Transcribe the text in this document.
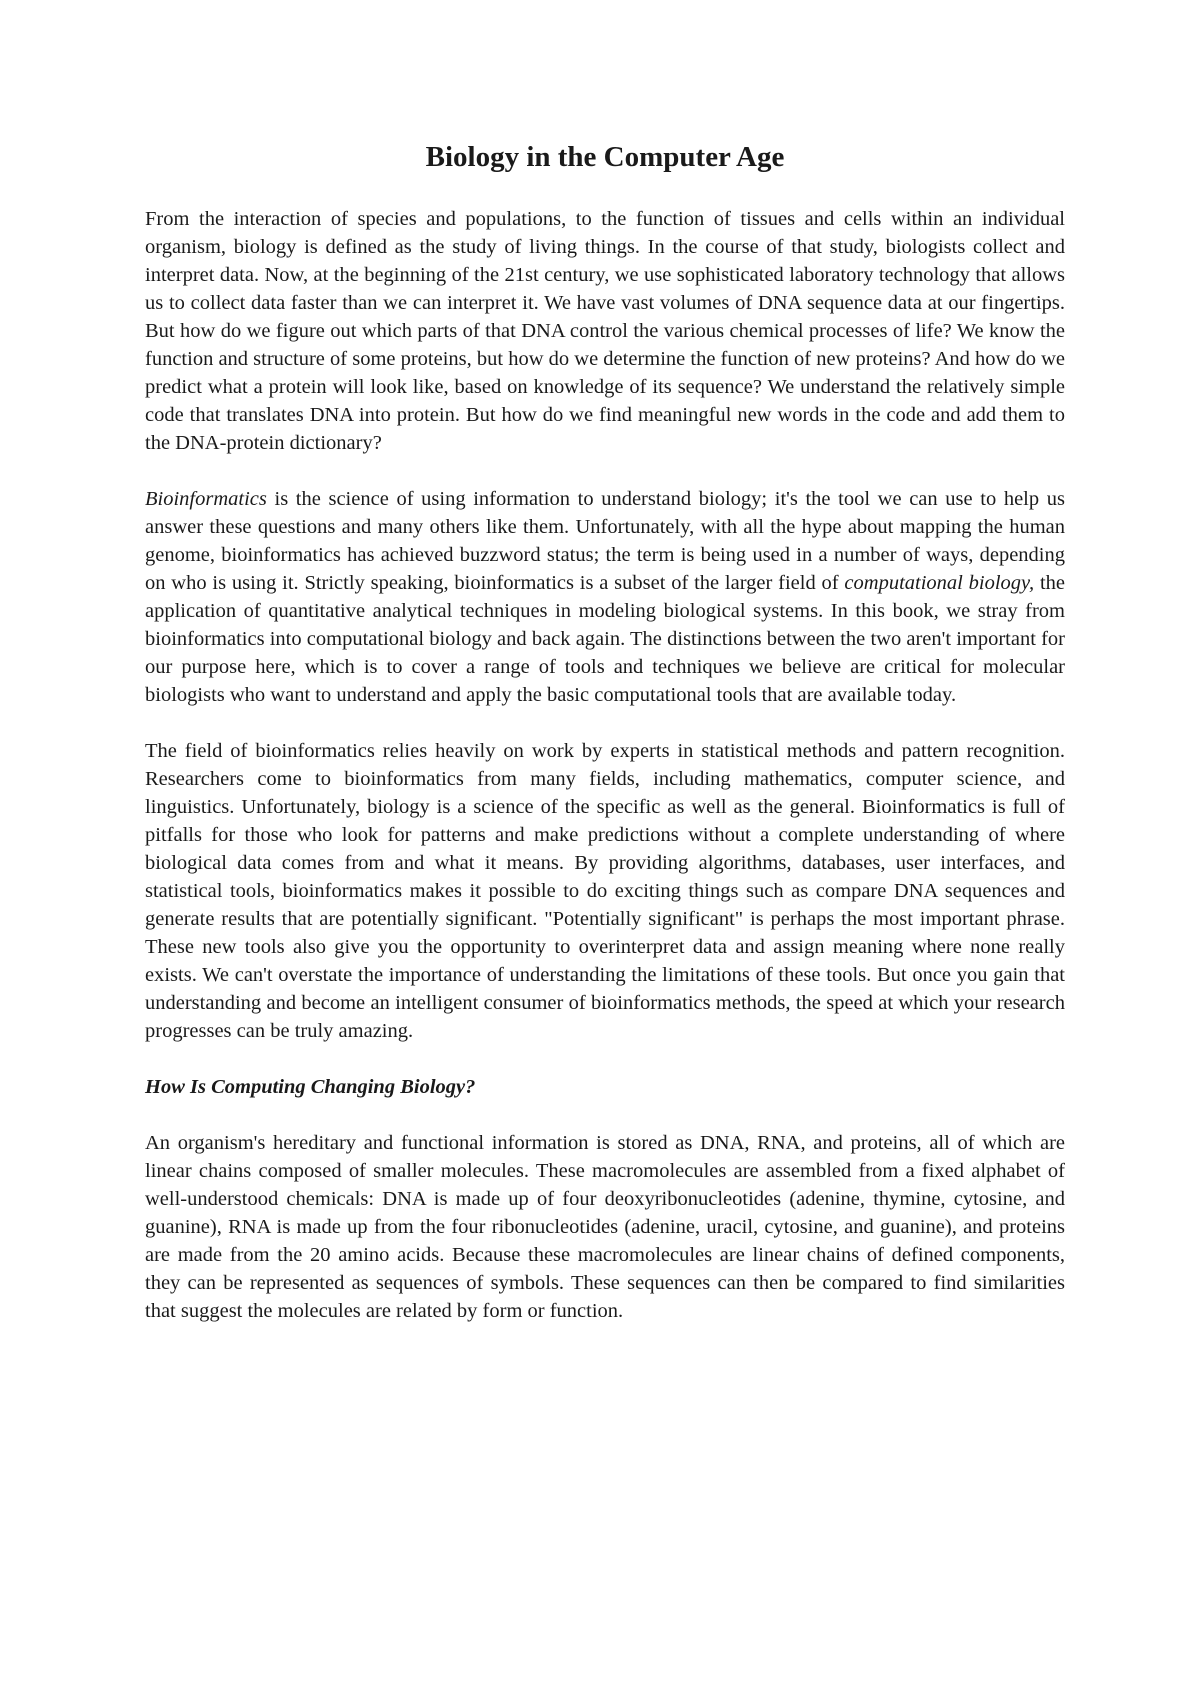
Biology in the Computer Age

From the interaction of species and populations, to the function of tissues and cells within an individual organism, biology is defined as the study of living things. In the course of that study, biologists collect and interpret data. Now, at the beginning of the 21st century, we use sophisticated laboratory technology that allows us to collect data faster than we can interpret it. We have vast volumes of DNA sequence data at our fingertips. But how do we figure out which parts of that DNA control the various chemical processes of life? We know the function and structure of some proteins, but how do we determine the function of new proteins? And how do we predict what a protein will look like, based on knowledge of its sequence? We understand the relatively simple code that translates DNA into protein. But how do we find meaningful new words in the code and add them to the DNA-protein dictionary?

Bioinformatics is the science of using information to understand biology; it's the tool we can use to help us answer these questions and many others like them. Unfortunately, with all the hype about mapping the human genome, bioinformatics has achieved buzzword status; the term is being used in a number of ways, depending on who is using it. Strictly speaking, bioinformatics is a subset of the larger field of computational biology, the application of quantitative analytical techniques in modeling biological systems. In this book, we stray from bioinformatics into computational biology and back again. The distinctions between the two aren't important for our purpose here, which is to cover a range of tools and techniques we believe are critical for molecular biologists who want to understand and apply the basic computational tools that are available today.

The field of bioinformatics relies heavily on work by experts in statistical methods and pattern recognition. Researchers come to bioinformatics from many fields, including mathematics, computer science, and linguistics. Unfortunately, biology is a science of the specific as well as the general. Bioinformatics is full of pitfalls for those who look for patterns and make predictions without a complete understanding of where biological data comes from and what it means. By providing algorithms, databases, user interfaces, and statistical tools, bioinformatics makes it possible to do exciting things such as compare DNA sequences and generate results that are potentially significant. "Potentially significant" is perhaps the most important phrase. These new tools also give you the opportunity to overinterpret data and assign meaning where none really exists. We can't overstate the importance of understanding the limitations of these tools. But once you gain that understanding and become an intelligent consumer of bioinformatics methods, the speed at which your research progresses can be truly amazing.

How Is Computing Changing Biology?

An organism's hereditary and functional information is stored as DNA, RNA, and proteins, all of which are linear chains composed of smaller molecules. These macromolecules are assembled from a fixed alphabet of well-understood chemicals: DNA is made up of four deoxyribonucleotides (adenine, thymine, cytosine, and guanine), RNA is made up from the four ribonucleotides (adenine, uracil, cytosine, and guanine), and proteins are made from the 20 amino acids. Because these macromolecules are linear chains of defined components, they can be represented as sequences of symbols. These sequences can then be compared to find similarities that suggest the molecules are related by form or function.
